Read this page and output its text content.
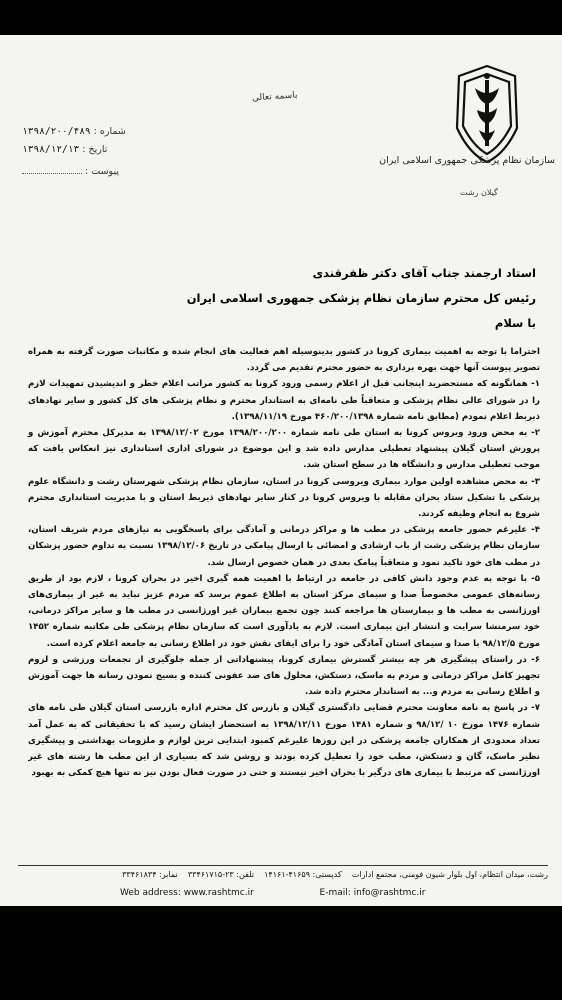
سازمان نظام پزشکی جمهوری اسلامی ایران
گیلان رشت
باسمه تعالی
شماره : ۱۳۹۸/۲۰۰/۴۸۹
تاریخ : ۱۳۹۸/۱۲/۱۳
پیوست :
استاد ارجمند جناب آقای دکتر ظفرقندی
رئیس کل محترم سازمان نظام پزشکی جمهوری اسلامی ایران
با سلام

احتراما با توجه به اهمیت بیماری کرونا در کشور بدینوسیله اهم فعالیت های انجام شده و مکاتبات صورت گرفته به همراه تصویر پیوست آنها جهت بهره برداری به حضور محترم تقدیم می گردد.

۱- همانگونه که مستحضرید اینجانب قبل از اعلام رسمی ورود کرونا به کشور مراتب اعلام خطر و اندیشیدن تمهیدات لازم را در شورای عالی نظام پزشکی و متعاقباً طی نامه‌ای به استاندار محترم و نظام پزشکی های کل کشور و سایر نهادهای ذیربط اعلام نمودم (مطابق نامه شماره ۴۶۰/۲۰۰/۱۳۹۸ مورخ ۱۳۹۸/۱۱/۱۹).

۲- به محض ورود ویروس کرونا به استان طی نامه شماره ۱۳۹۸/۲۰۰/۲۰۰ مورخ ۱۳۹۸/۱۲/۰۲ به مدیرکل محترم آموزش و پرورش استان گیلان پیشنهاد تعطیلی مدارس داده شد و این موضوع در شورای اداری استانداری نیز انعکاس یافت که موجب تعطیلی مدارس و دانشگاه ها در سطح استان شد.

۳- به محض مشاهده اولین موارد بیماری ویروسی کرونا در استان، سازمان نظام پزشکی شهرستان رشت و دانشگاه علوم پزشکی با تشکیل ستاد بحران مقابله با ویروس کرونا در کنار سایر نهادهای ذیربط استان و با مدیریت استانداری محترم شروع به انجام وظیفه کردند.

۴- علیرغم حضور جامعه پزشکی در مطب ها و مراکز درمانی و آمادگی برای پاسخگویی به نیازهای مردم شریف استان، سازمان نظام پزشکی رشت از باب ارشادی و امضائی با ارسال پیامکی در تاریخ ۱۳۹۸/۱۲/۰۶ نسبت به تداوم حضور پزشکان در مطب های خود تاکید نمود و متعاقباً پیامک بعدی در همان خصوص ارسال شد.

۵- با توجه به عدم وجود دانش کافی در جامعه در ارتباط با اهمیت همه گیری اخیر در بحران کرونا ، لازم بود از طریق رسانه‌های عمومی مخصوصاً صدا و سیمای مرکز استان به اطلاع عموم برسد که مردم عزیز نباید به غیر از بیماری‌های اورژانسی به مطب ها و بیمارستان ها مراجعه کنند چون تجمع بیماران غیر اورژانسی در مطب ها و سایر مراکز درمانی، خود سرمنشا سرایت و انتشار این بیماری است. لازم به یادآوری است که سازمان نظام پزشکی طی مکاتبه شماره ۱۴۵۲ مورخ ۹۸/۱۲/۵ با صدا و سیمای استان آمادگی خود را برای ایفای نقش خود در اطلاع رسانی به جامعه اعلام کرده است.

۶- در راستای پیشگیری هر چه بیشتر گسترش بیماری کرونا، پیشنهاداتی از جمله جلوگیری از تجمعات ورزشی و لزوم تجهیز کامل مراکز درمانی و مردم به ماسک، دستکش، محلول های ضد عفونی کننده و بسیج نمودن رسانه ها جهت آموزش و اطلاع رسانی به مردم و... به استاندار محترم داده شد.

۷- در پاسخ به نامه معاونت محترم قضایی دادگستری گیلان و بازرس کل محترم اداره بازرسی استان گیلان طی نامه های شماره ۱۴۷۶ مورخ ۱۰ /۹۸/۱۲ و شماره ۱۴۸۱ مورخ ۱۳۹۸/۱۲/۱۱ به استحضار ایشان رسید که با تحقیقاتی که به عمل آمد تعداد معدودی از همکاران جامعه پزشکی در این روزها علیرغم کمبود ابتدایی ترین لوازم و ملزومات بهداشتی و پیشگیری نظیر ماسک، گان و دستکش، مطب خود را تعطیل کرده بودند و روشن شد که بسیاری از این مطب ها رشته های غیر اورژانسی که مرتبط با بیماری های درگیر با بحران اخیر نیستند و حتی در صورت فعال بودن نیز نه تنها هیچ کمکی به بهبود

رشت، میدان انتظام، اول بلوار شیون فومنی، مجتمع ادارات    کدپستی: ۴۱۶۵۹-۱۴۱۶۱    تلفن: ۲۳-۳۳۴۶۱۷۱۵    نمابر: ۳۳۴۶۱۸۳۴
Web address: www.rashtmc.ir	E-mail: info@rashtmc.ir
